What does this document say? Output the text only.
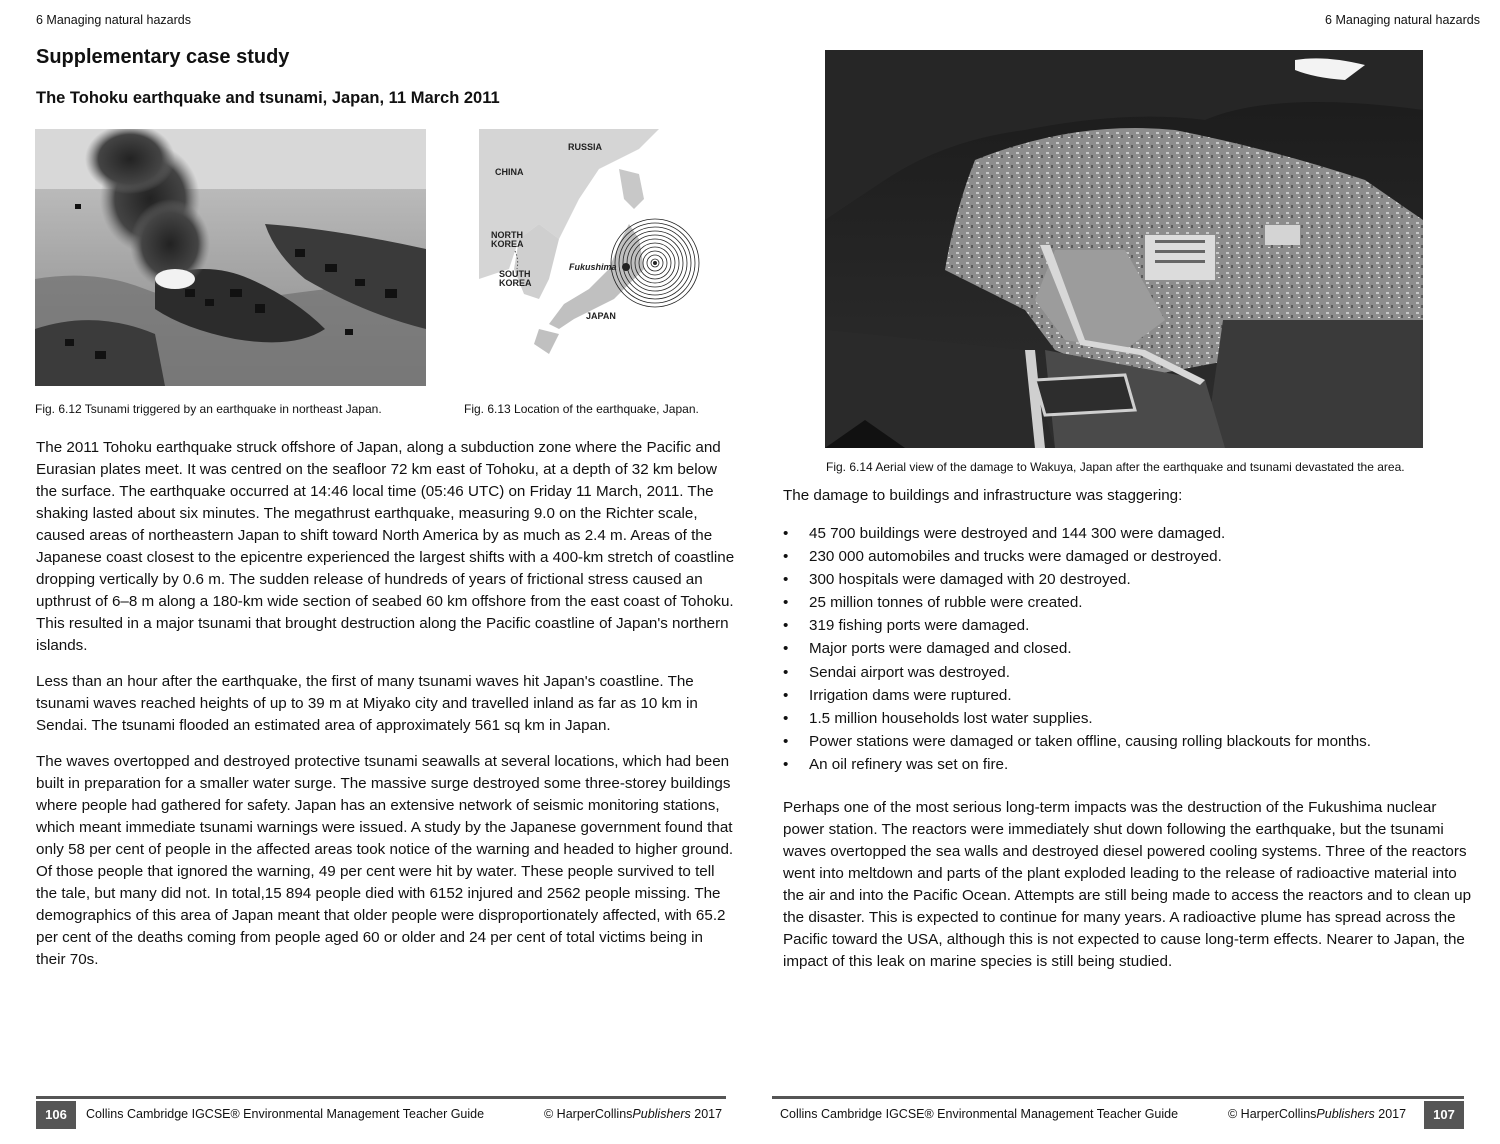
6 Managing natural hazards
Supplementary case study
The Tohoku earthquake and tsunami, Japan, 11 March 2011
RUSSIA
CHINA
NORTH
KOREA
SOUTH
KOREA
Fukushima
JAPAN
Fig. 6.12 Tsunami triggered by an earthquake in northeast Japan.	Fig. 6.13 Location of the earthquake, Japan.

The 2011 Tohoku earthquake struck offshore of Japan, along a subduction zone where the Pacific and Eurasian plates meet. It was centred on the seafloor 72 km east of Tohoku, at a depth of 32 km below the surface. The earthquake occurred at 14:46 local time (05:46 UTC) on Friday 11 March, 2011. The shaking lasted about six minutes. The megathrust earthquake, measuring 9.0 on the Richter scale, caused areas of northeastern Japan to shift toward North America by as much as 2.4 m. Areas of the Japanese coast closest to the epicentre experienced the largest shifts with a 400-km stretch of coastline dropping vertically by 0.6 m. The sudden release of hundreds of years of frictional stress caused an upthrust of 6–8 m along a 180-km wide section of seabed 60 km offshore from the east coast of Tohoku. This resulted in a major tsunami that brought destruction along the Pacific coastline of Japan's northern islands.

Less than an hour after the earthquake, the first of many tsunami waves hit Japan's coastline. The tsunami waves reached heights of up to 39 m at Miyako city and travelled inland as far as 10 km in Sendai. The tsunami flooded an estimated area of approximately 561 sq km in Japan.

The waves overtopped and destroyed protective tsunami seawalls at several locations, which had been built in preparation for a smaller water surge. The massive surge destroyed some three-storey buildings where people had gathered for safety. Japan has an extensive network of seismic monitoring stations, which meant immediate tsunami warnings were issued. A study by the Japanese government found that only 58 per cent of people in the affected areas took notice of the warning and headed to higher ground. Of those people that ignored the warning, 49 per cent were hit by water. These people survived to tell the tale, but many did not. In total,15 894 people died with 6152 injured and 2562 people missing. The demographics of this area of Japan meant that older people were disproportionately affected, with 65.2 per cent of the deaths coming from people aged 60 or older and 24 per cent of total victims being in their 70s.

106	Collins Cambridge IGCSE® Environmental Management Teacher Guide	© HarperCollinsPublishers 2017
6 Managing natural hazards
Fig. 6.14 Aerial view of the damage to Wakuya, Japan after the earthquake and tsunami devastated the area.
The damage to buildings and infrastructure was staggering:
• 45 700 buildings were destroyed and 144 300 were damaged.
• 230 000 automobiles and trucks were damaged or destroyed.
• 300 hospitals were damaged with 20 destroyed.
• 25 million tonnes of rubble were created.
• 319 fishing ports were damaged.
• Major ports were damaged and closed.
• Sendai airport was destroyed.
• Irrigation dams were ruptured.
• 1.5 million households lost water supplies.
• Power stations were damaged or taken offline, causing rolling blackouts for months.
• An oil refinery was set on fire.
Perhaps one of the most serious long-term impacts was the destruction of the Fukushima nuclear power station. The reactors were immediately shut down following the earthquake, but the tsunami waves overtopped the sea walls and destroyed diesel powered cooling systems. Three of the reactors went into meltdown and parts of the plant exploded leading to the release of radioactive material into the air and into the Pacific Ocean. Attempts are still being made to access the reactors and to clean up the disaster. This is expected to continue for many years. A radioactive plume has spread across the Pacific toward the USA, although this is not expected to cause long-term effects. Nearer to Japan, the impact of this leak on marine species is still being studied.
Collins Cambridge IGCSE® Environmental Management Teacher Guide	© HarperCollinsPublishers 2017	107
